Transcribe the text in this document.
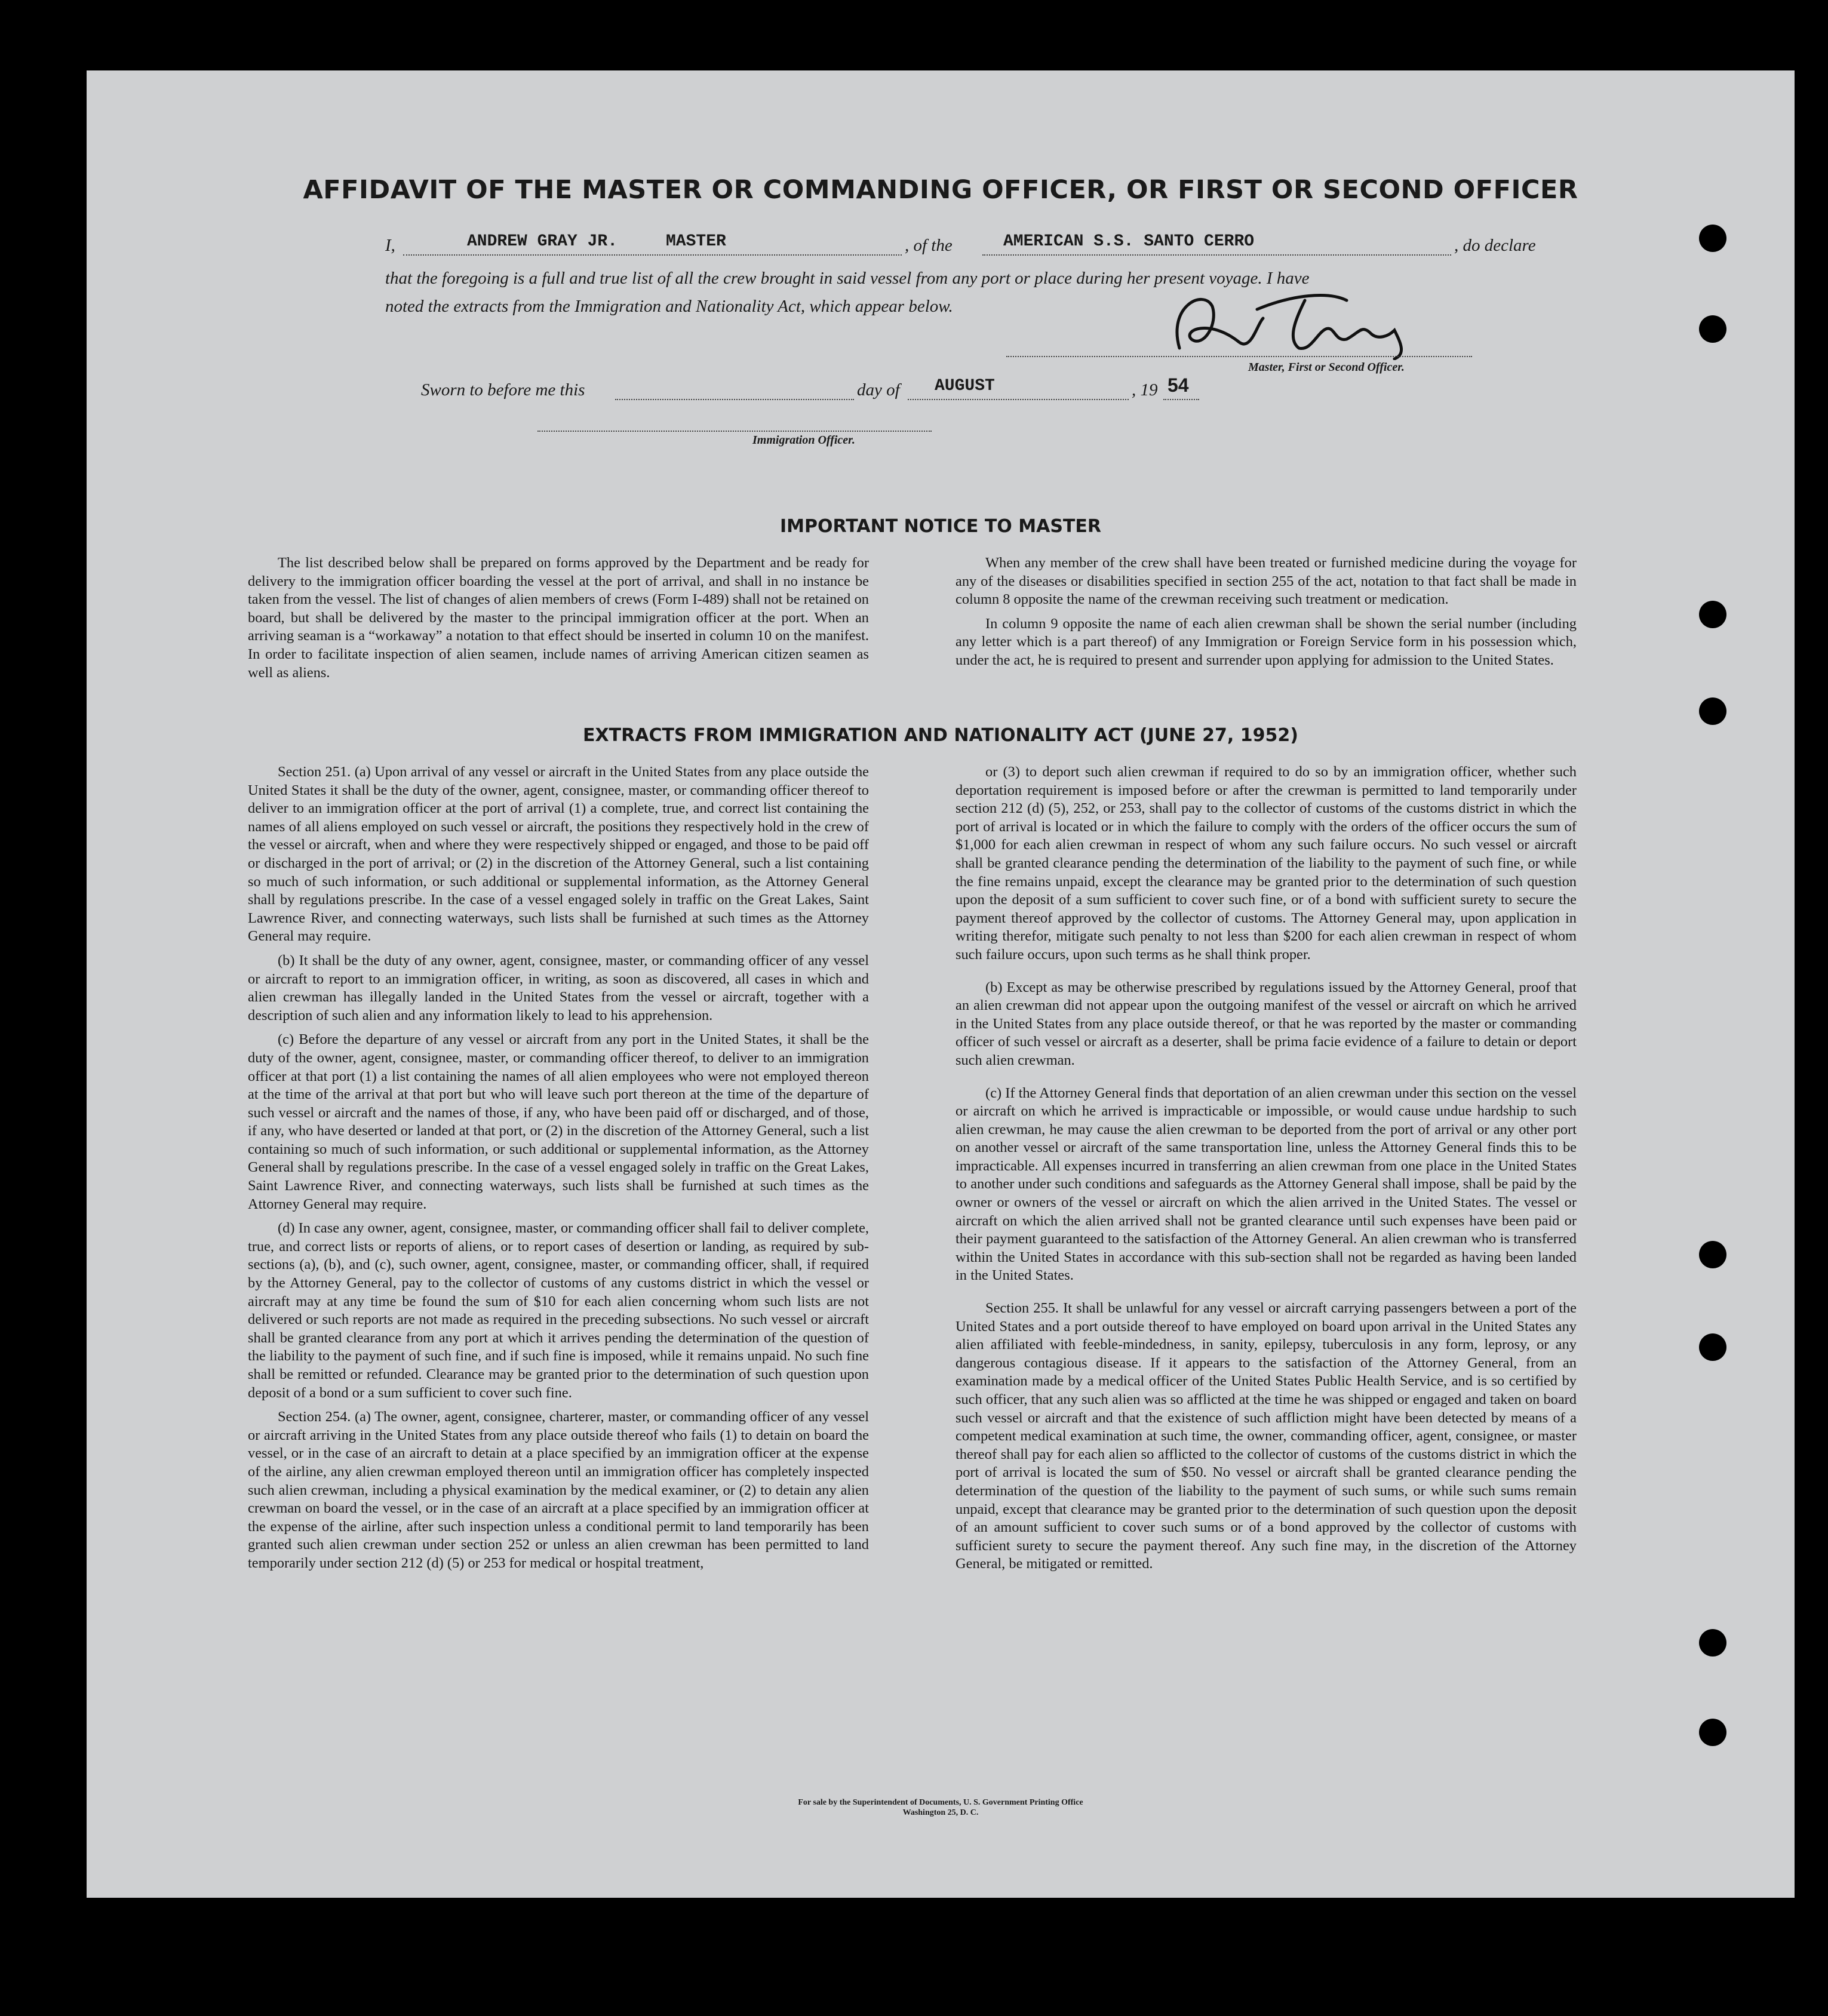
AFFIDAVIT OF THE MASTER OR COMMANDING OFFICER, OR FIRST OR SECOND OFFICER
I,	ANDREW GRAY JR.	MASTER	, of the	AMERICAN S.S. SANTO CERRO	, do declare
that the foregoing is a full and true list of all the crew brought in said vessel from any port or place during her present voyage. I have
noted the extracts from the Immigration and Nationality Act, which appear below.
Master, First or Second Officer.
Sworn to before me this	day of AUGUST	, 19 54
Immigration Officer.
IMPORTANT NOTICE TO MASTER

The list described below shall be prepared on forms approved by the Department and be ready for delivery to the immigration officer boarding the vessel at the port of arrival, and shall in no instance be taken from the vessel. The list of changes of alien members of crews (Form I-489) shall not be retained on board, but shall be delivered by the master to the principal immigration officer at the port. When an arriving seaman is a “workaway” a notation to that effect should be inserted in column 10 on the manifest. In order to facilitate inspection of alien seamen, include names of arriving American citizen seamen as well as aliens.

When any member of the crew shall have been treated or furnished medicine during the voyage for any of the diseases or disabilities specified in section 255 of the act, notation to that fact shall be made in column 8 opposite the name of the crewman receiving such treatment or medication.

In column 9 opposite the name of each alien crewman shall be shown the serial number (including any letter which is a part thereof) of any Immigration or Foreign Service form in his possession which, under the act, he is required to present and surrender upon applying for admission to the United States.

EXTRACTS FROM IMMIGRATION AND NATIONALITY ACT (JUNE 27, 1952)

Section 251. (a) Upon arrival of any vessel or aircraft in the United States from any place outside the United States it shall be the duty of the owner, agent, consignee, master, or commanding officer thereof to deliver to an immigration officer at the port of arrival (1) a complete, true, and correct list containing the names of all aliens employed on such vessel or aircraft, the positions they respectively hold in the crew of the vessel or aircraft, when and where they were respectively shipped or engaged, and those to be paid off or discharged in the port of arrival; or (2) in the discretion of the Attorney General, such a list containing so much of such information, or such additional or supplemental information, as the Attorney General shall by regulations prescribe. In the case of a vessel engaged solely in traffic on the Great Lakes, Saint Lawrence River, and connecting waterways, such lists shall be furnished at such times as the Attorney General may require.

(b) It shall be the duty of any owner, agent, consignee, master, or commanding officer of any vessel or aircraft to report to an immigration officer, in writing, as soon as discovered, all cases in which and alien crewman has illegally landed in the United States from the vessel or aircraft, together with a description of such alien and any information likely to lead to his apprehension.

(c) Before the departure of any vessel or aircraft from any port in the United States, it shall be the duty of the owner, agent, consignee, master, or commanding officer thereof, to deliver to an immigration officer at that port (1) a list containing the names of all alien employees who were not employed thereon at the time of the arrival at that port but who will leave such port thereon at the time of the departure of such vessel or aircraft and the names of those, if any, who have been paid off or discharged, and of those, if any, who have deserted or landed at that port, or (2) in the discretion of the Attorney General, such a list containing so much of such information, or such additional or supplemental information, as the Attorney General shall by regulations prescribe. In the case of a vessel engaged solely in traffic on the Great Lakes, Saint Lawrence River, and connecting waterways, such lists shall be furnished at such times as the Attorney General may require.

(d) In case any owner, agent, consignee, master, or commanding officer shall fail to deliver complete, true, and correct lists or reports of aliens, or to report cases of desertion or landing, as required by sub-sections (a), (b), and (c), such owner, agent, consignee, master, or commanding officer, shall, if required by the Attorney General, pay to the collector of customs of any customs district in which the vessel or aircraft may at any time be found the sum of $10 for each alien concerning whom such lists are not delivered or such reports are not made as required in the preceding subsections. No such vessel or aircraft shall be granted clearance from any port at which it arrives pending the determination of the question of the liability to the payment of such fine, and if such fine is imposed, while it remains unpaid. No such fine shall be remitted or refunded. Clearance may be granted prior to the determination of such question upon deposit of a bond or a sum sufficient to cover such fine.

Section 254. (a) The owner, agent, consignee, charterer, master, or commanding officer of any vessel or aircraft arriving in the United States from any place outside thereof who fails (1) to detain on board the vessel, or in the case of an aircraft to detain at a place specified by an immigration officer at the expense of the airline, any alien crewman employed thereon until an immigration officer has completely inspected such alien crewman, including a physical examination by the medical examiner, or (2) to detain any alien crewman on board the vessel, or in the case of an aircraft at a place specified by an immigration officer at the expense of the airline, after such inspection unless a conditional permit to land temporarily has been granted such alien crewman under section 252 or unless an alien crewman has been permitted to land temporarily under section 212 (d) (5) or 253 for medical or hospital treatment,

or (3) to deport such alien crewman if required to do so by an immigration officer, whether such deportation requirement is imposed before or after the crewman is permitted to land temporarily under section 212 (d) (5), 252, or 253, shall pay to the collector of customs of the customs district in which the port of arrival is located or in which the failure to comply with the orders of the officer occurs the sum of $1,000 for each alien crewman in respect of whom any such failure occurs. No such vessel or aircraft shall be granted clearance pending the determination of the liability to the payment of such fine, or while the fine remains unpaid, except the clearance may be granted prior to the determination of such question upon the deposit of a sum sufficient to cover such fine, or of a bond with sufficient surety to secure the payment thereof approved by the collector of customs. The Attorney General may, upon application in writing therefor, mitigate such penalty to not less than $200 for each alien crewman in respect of whom such failure occurs, upon such terms as he shall think proper.

(b) Except as may be otherwise prescribed by regulations issued by the Attorney General, proof that an alien crewman did not appear upon the outgoing manifest of the vessel or aircraft on which he arrived in the United States from any place outside thereof, or that he was reported by the master or commanding officer of such vessel or aircraft as a deserter, shall be prima facie evidence of a failure to detain or deport such alien crewman.

(c) If the Attorney General finds that deportation of an alien crewman under this section on the vessel or aircraft on which he arrived is impracticable or impossible, or would cause undue hardship to such alien crewman, he may cause the alien crewman to be deported from the port of arrival or any other port on another vessel or aircraft of the same transportation line, unless the Attorney General finds this to be impracticable. All expenses incurred in transferring an alien crewman from one place in the United States to another under such conditions and safeguards as the Attorney General shall impose, shall be paid by the owner or owners of the vessel or aircraft on which the alien arrived in the United States. The vessel or aircraft on which the alien arrived shall not be granted clearance until such expenses have been paid or their payment guaranteed to the satisfaction of the Attorney General. An alien crewman who is transferred within the United States in accordance with this sub-section shall not be regarded as having been landed in the United States.

Section 255. It shall be unlawful for any vessel or aircraft carrying passengers between a port of the United States and a port outside thereof to have employed on board upon arrival in the United States any alien affiliated with feeble-mindedness, in sanity, epilepsy, tuberculosis in any form, leprosy, or any dangerous contagious disease. If it appears to the satisfaction of the Attorney General, from an examination made by a medical officer of the United States Public Health Service, and is so certified by such officer, that any such alien was so afflicted at the time he was shipped or engaged and taken on board such vessel or aircraft and that the existence of such affliction might have been detected by means of a competent medical examination at such time, the owner, commanding officer, agent, consignee, or master thereof shall pay for each alien so afflicted to the collector of customs of the customs district in which the port of arrival is located the sum of $50. No vessel or aircraft shall be granted clearance pending the determination of the question of the liability to the payment of such sums, or while such sums remain unpaid, except that clearance may be granted prior to the determination of such question upon the deposit of an amount sufficient to cover such sums or of a bond approved by the collector of customs with sufficient surety to secure the payment thereof. Any such fine may, in the discretion of the Attorney General, be mitigated or remitted.

For sale by the Superintendent of Documents, U. S. Government Printing Office
Washington 25, D. C.
